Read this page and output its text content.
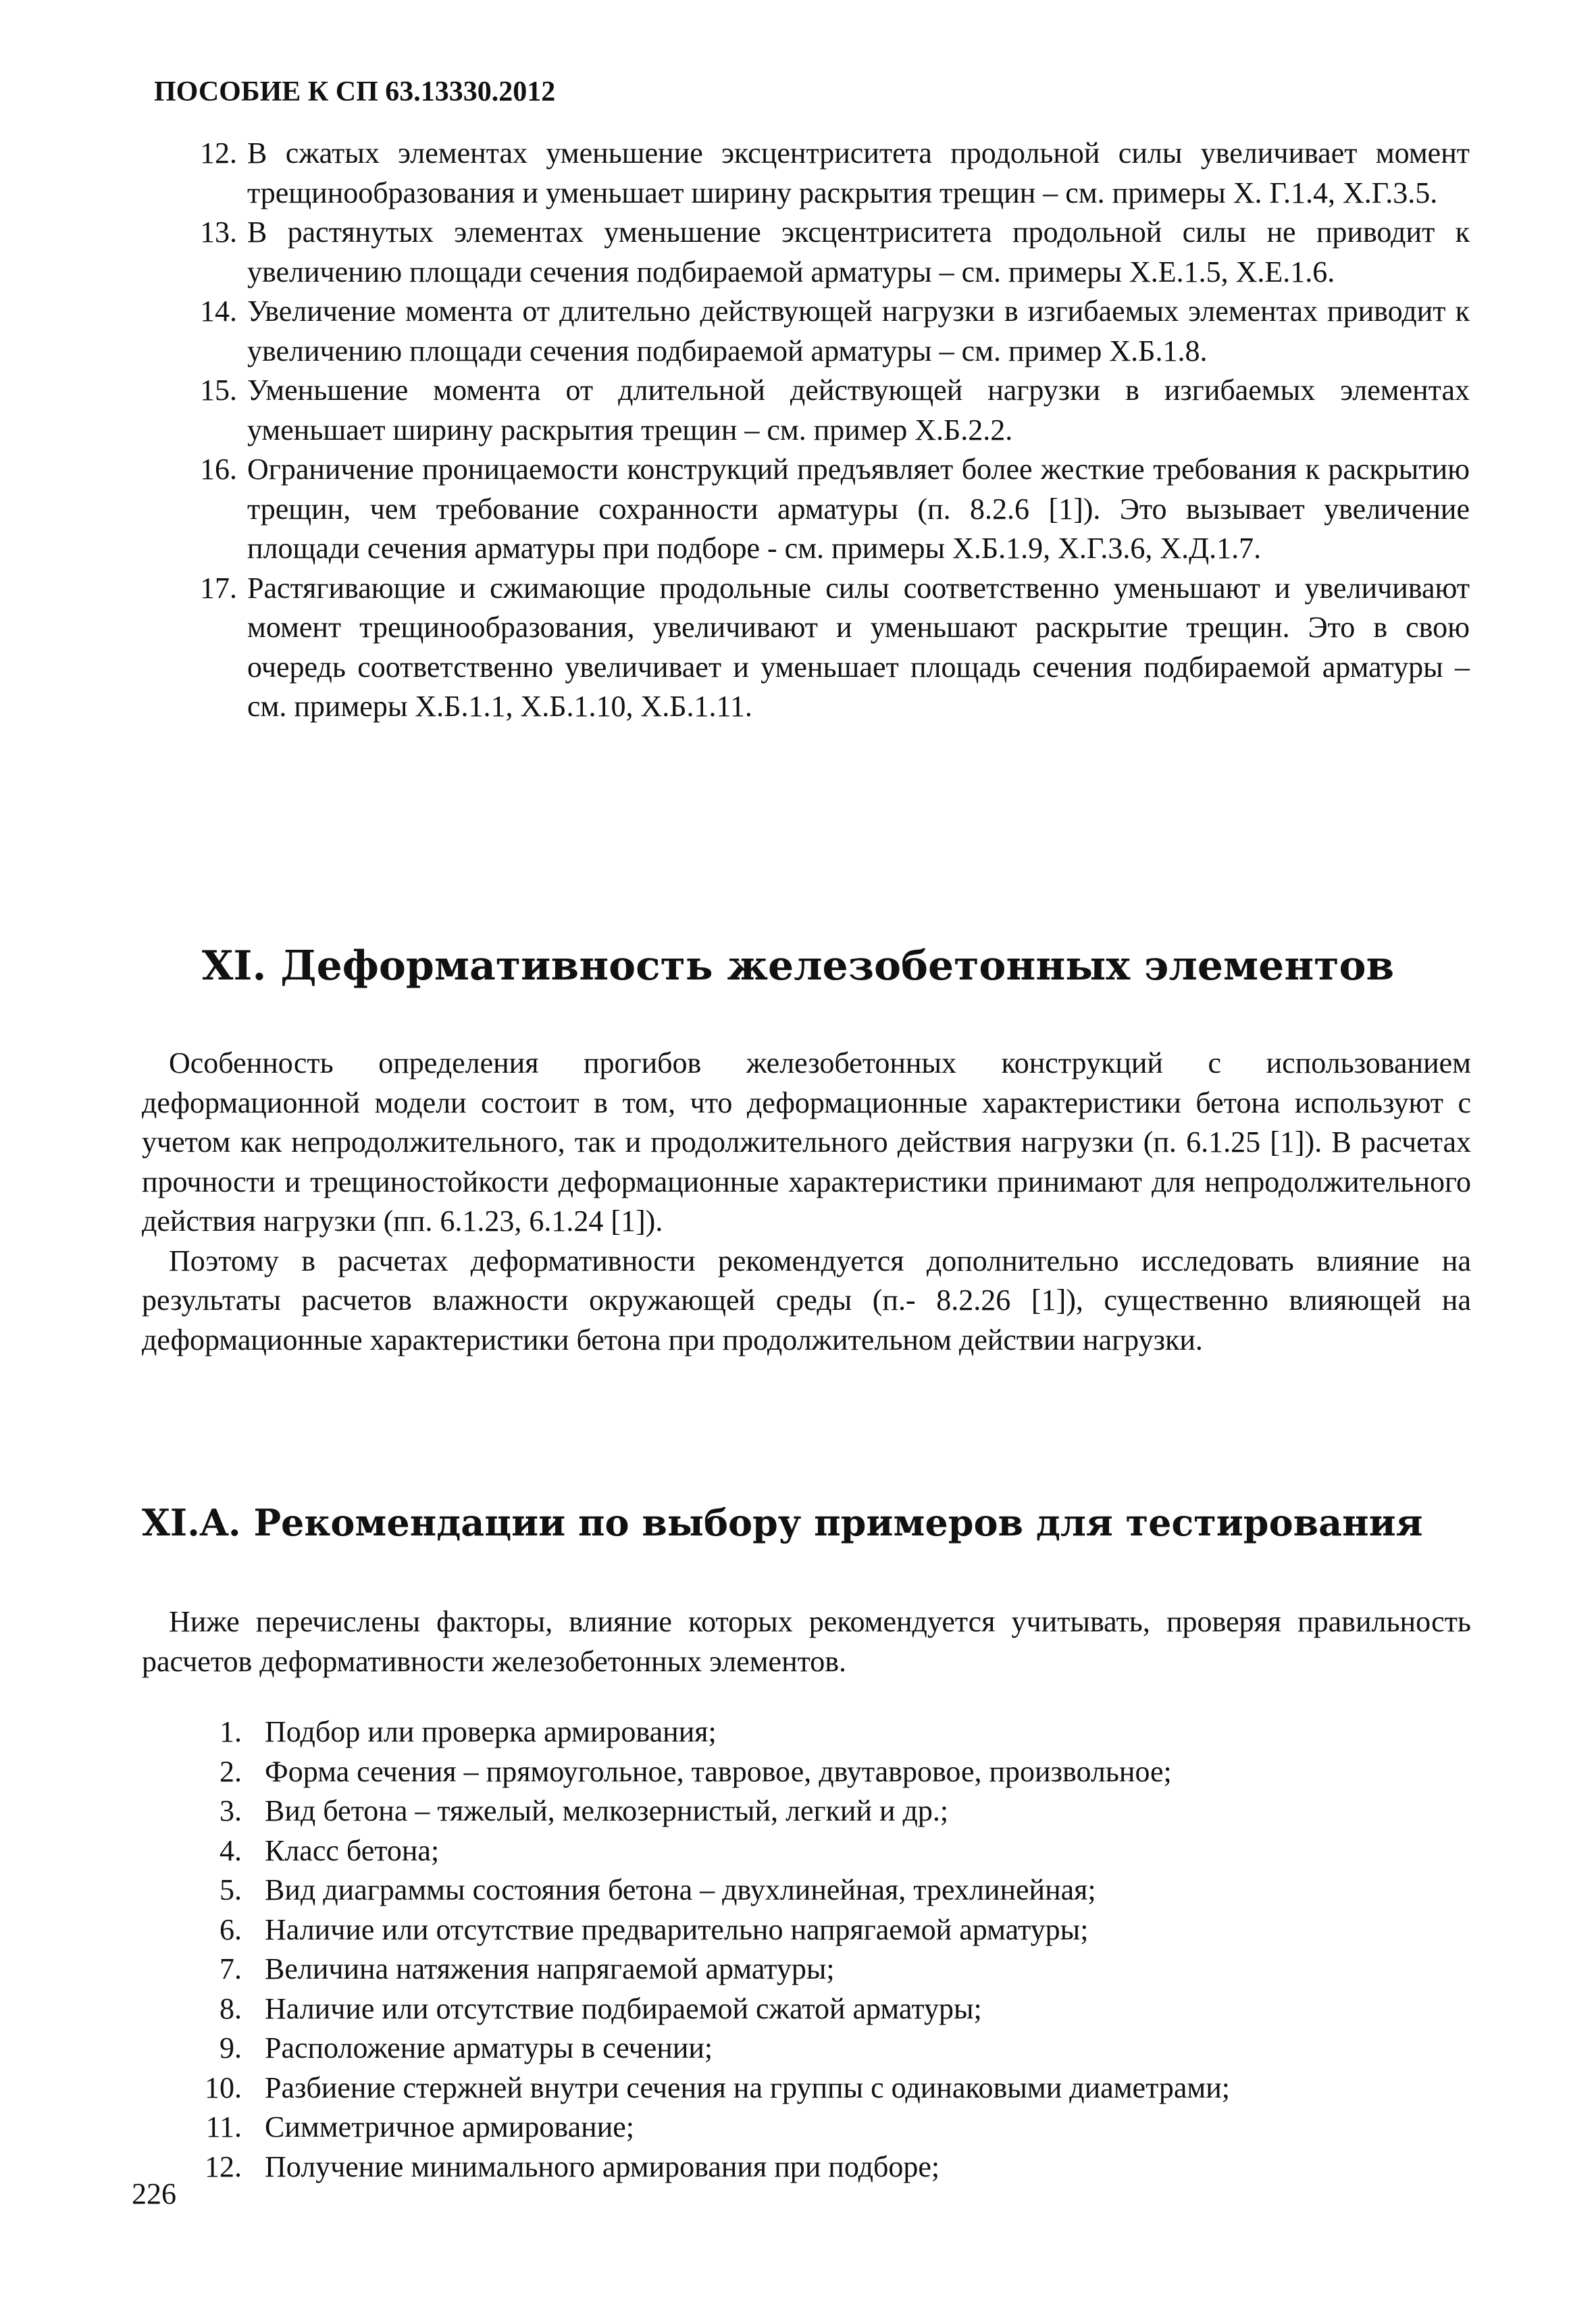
ПОСОБИЕ К СП 63.13330.2012

12. В сжатых элементах уменьшение эксцентриситета продольной силы увеличивает момент трещинообразования и уменьшает ширину раскрытия трещин – см. примеры Х. Г.1.4, Х.Г.3.5.

13. В растянутых элементах уменьшение эксцентриситета продольной силы не приводит к увеличению площади сечения подбираемой арматуры – см. примеры Х.Е.1.5, Х.Е.1.6.

14. Увеличение момента от длительно действующей нагрузки в изгибаемых элементах приводит к увеличению площади сечения подбираемой арматуры – см. пример Х.Б.1.8.

15. Уменьшение момента от длительной действующей нагрузки в изгибаемых элементах уменьшает ширину раскрытия трещин – см. пример Х.Б.2.2.

16. Ограничение проницаемости конструкций предъявляет более жесткие требования к раскрытию трещин, чем требование сохранности арматуры (п. 8.2.6 [1]). Это вызывает увеличение площади сечения арматуры при подборе - см. примеры Х.Б.1.9, Х.Г.3.6, Х.Д.1.7.

17. Растягивающие и сжимающие продольные силы соответственно уменьшают и увеличивают момент трещинообразования, увеличивают и уменьшают раскрытие трещин. Это в свою очередь соответственно увеличивает и уменьшает площадь сечения подбираемой арматуры – см. примеры Х.Б.1.1, Х.Б.1.10, Х.Б.1.11.

XI. Деформативность железобетонных элементов

Особенность определения прогибов железобетонных конструкций с использованием деформационной модели состоит в том, что деформационные характеристики бетона используют с учетом как непродолжительного, так и продолжительного действия нагрузки (п. 6.1.25 [1]). В расчетах прочности и трещиностойкости деформационные характеристики принимают для непродолжительного действия нагрузки (пп. 6.1.23, 6.1.24 [1]).

Поэтому в расчетах деформативности рекомендуется дополнительно исследовать влияние на результаты расчетов влажности окружающей среды (п.- 8.2.26 [1]), существенно влияющей на деформационные характеристики бетона при продолжительном действии нагрузки.

XI.A. Рекомендации по выбору примеров для тестирования

Ниже перечислены факторы, влияние которых рекомендуется учитывать, проверяя правильность расчетов деформативности железобетонных элементов.

1. Подбор или проверка армирования;

2. Форма сечения – прямоугольное, тавровое, двутавровое, произвольное;

3. Вид бетона – тяжелый, мелкозернистый, легкий и др.;

4. Класс бетона;

5. Вид диаграммы состояния бетона – двухлинейная, трехлинейная;

6. Наличие или отсутствие предварительно напрягаемой арматуры;

7. Величина натяжения напрягаемой арматуры;

8. Наличие или отсутствие подбираемой сжатой арматуры;

9. Расположение арматуры в сечении;

10. Разбиение стержней внутри сечения на группы с одинаковыми диаметрами;

11. Симметричное армирование;

12. Получение минимального армирования при подборе;

226
